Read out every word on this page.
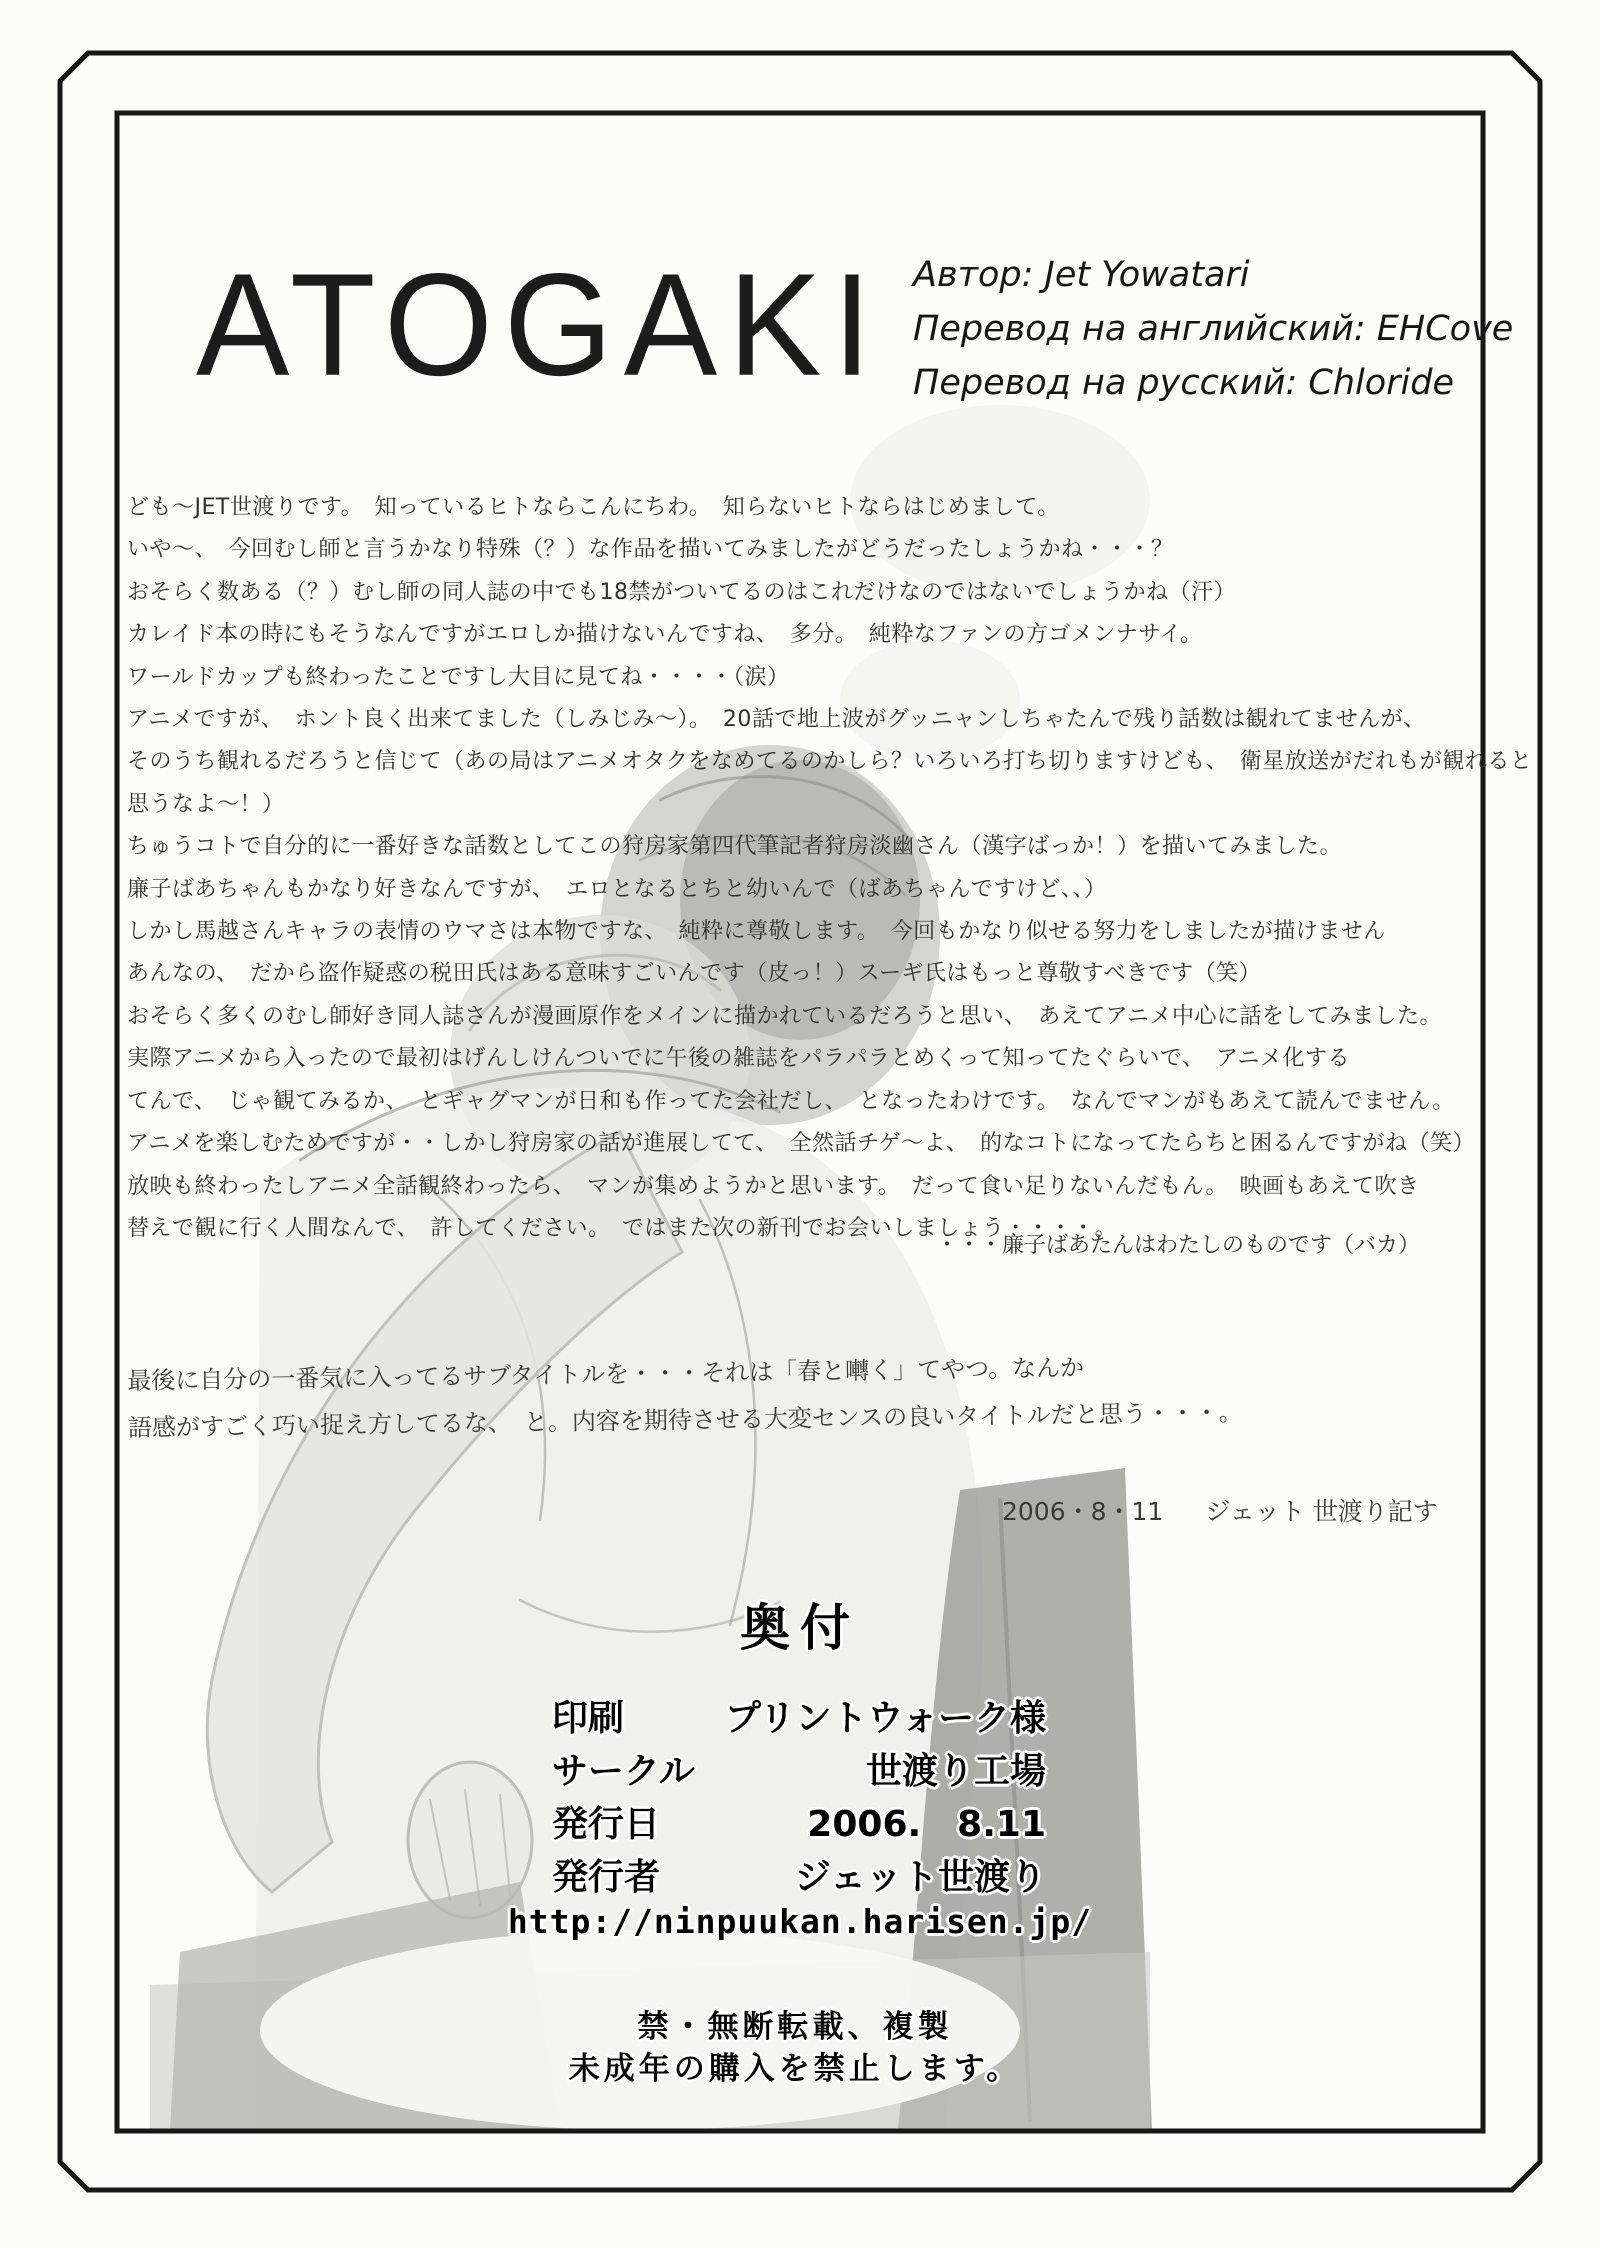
ATOGAKI Автор: Jet Yowatari
Перевод на английский: EHCove
Перевод на русский: Chloride

ども〜JET世渡りです。　知っているヒトならこんにちわ。　知らないヒトならはじめまして。

いや〜、　今回むし師と言うかなり特殊（？）な作品を描いてみましたがどうだったしょうかね・・・？

おそらく数ある（？）むし師の同人誌の中でも18禁がついてるのはこれだけなのではないでしょうかね（汗）

カレイド本の時にもそうなんですがエロしか描けないんですね、　多分。　純粋なファンの方ゴメンナサイ。

ワールドカップも終わったことですし大目に見てね・・・・（涙）

アニメですが、　ホント良く出来てました（しみじみ〜）。　20話で地上波がグッニャンしちゃたんで残り話数は観れてませんが、

そのうち観れるだろうと信じて（あの局はアニメオタクをなめてるのかしら？いろいろ打ち切りますけども、　衛星放送がだれもが観れると

思うなよ〜！）

ちゅうコトで自分的に一番好きな話数としてこの狩房家第四代筆記者狩房淡幽さん（漢字ばっか！）を描いてみました。

廉子ばあちゃんもかなり好きなんですが、　エロとなるとちと幼いんで（ばあちゃんですけど、、）

しかし馬越さんキャラの表情のウマさは本物ですな、　純粋に尊敬します。　今回もかなり似せる努力をしましたが描けません

あんなの、　だから盗作疑惑の税田氏はある意味すごいんです（皮っ！）スーギ氏はもっと尊敬すべきです（笑）

おそらく多くのむし師好き同人誌さんが漫画原作をメインに描かれているだろうと思い、　あえてアニメ中心に話をしてみました。

実際アニメから入ったので最初はげんしけんついでに午後の雑誌をパラパラとめくって知ってたぐらいで、　アニメ化する

てんで、　じゃ観てみるか、　とギャグマンが日和も作ってた会社だし、　となったわけです。　なんでマンがもあえて読んでません。

アニメを楽しむためですが・・しかし狩房家の話が進展してて、　全然話チゲ〜よ、　的なコトになってたらちと困るんですがね（笑）

放映も終わったしアニメ全話観終わったら、　マンが集めようかと思います。　だって食い足りないんだもん。　映画もあえて吹き

替えで観に行く人間なんで、　許してください。　ではまた次の新刊でお会いしましょう・・・・。

・・・廉子ばあたんはわたしのものです（バカ）
最後に自分の一番気に入ってるサブタイトルを・・・それは「春と囀く」てやつ。なんか
語感がすごく巧い捉え方してるな、　と。内容を期待させる大変センスの良いタイトルだと思う・・・。
2006・8・11 ジェット 世渡り記す
奥付
印刷	プリントウォーク様
サークル	世渡り工場
発行日	2006.　8.11
発行者	ジェット世渡り
http://ninpuukan.harisen.jp/
禁・無断転載、複製
未成年の購入を禁止します。
